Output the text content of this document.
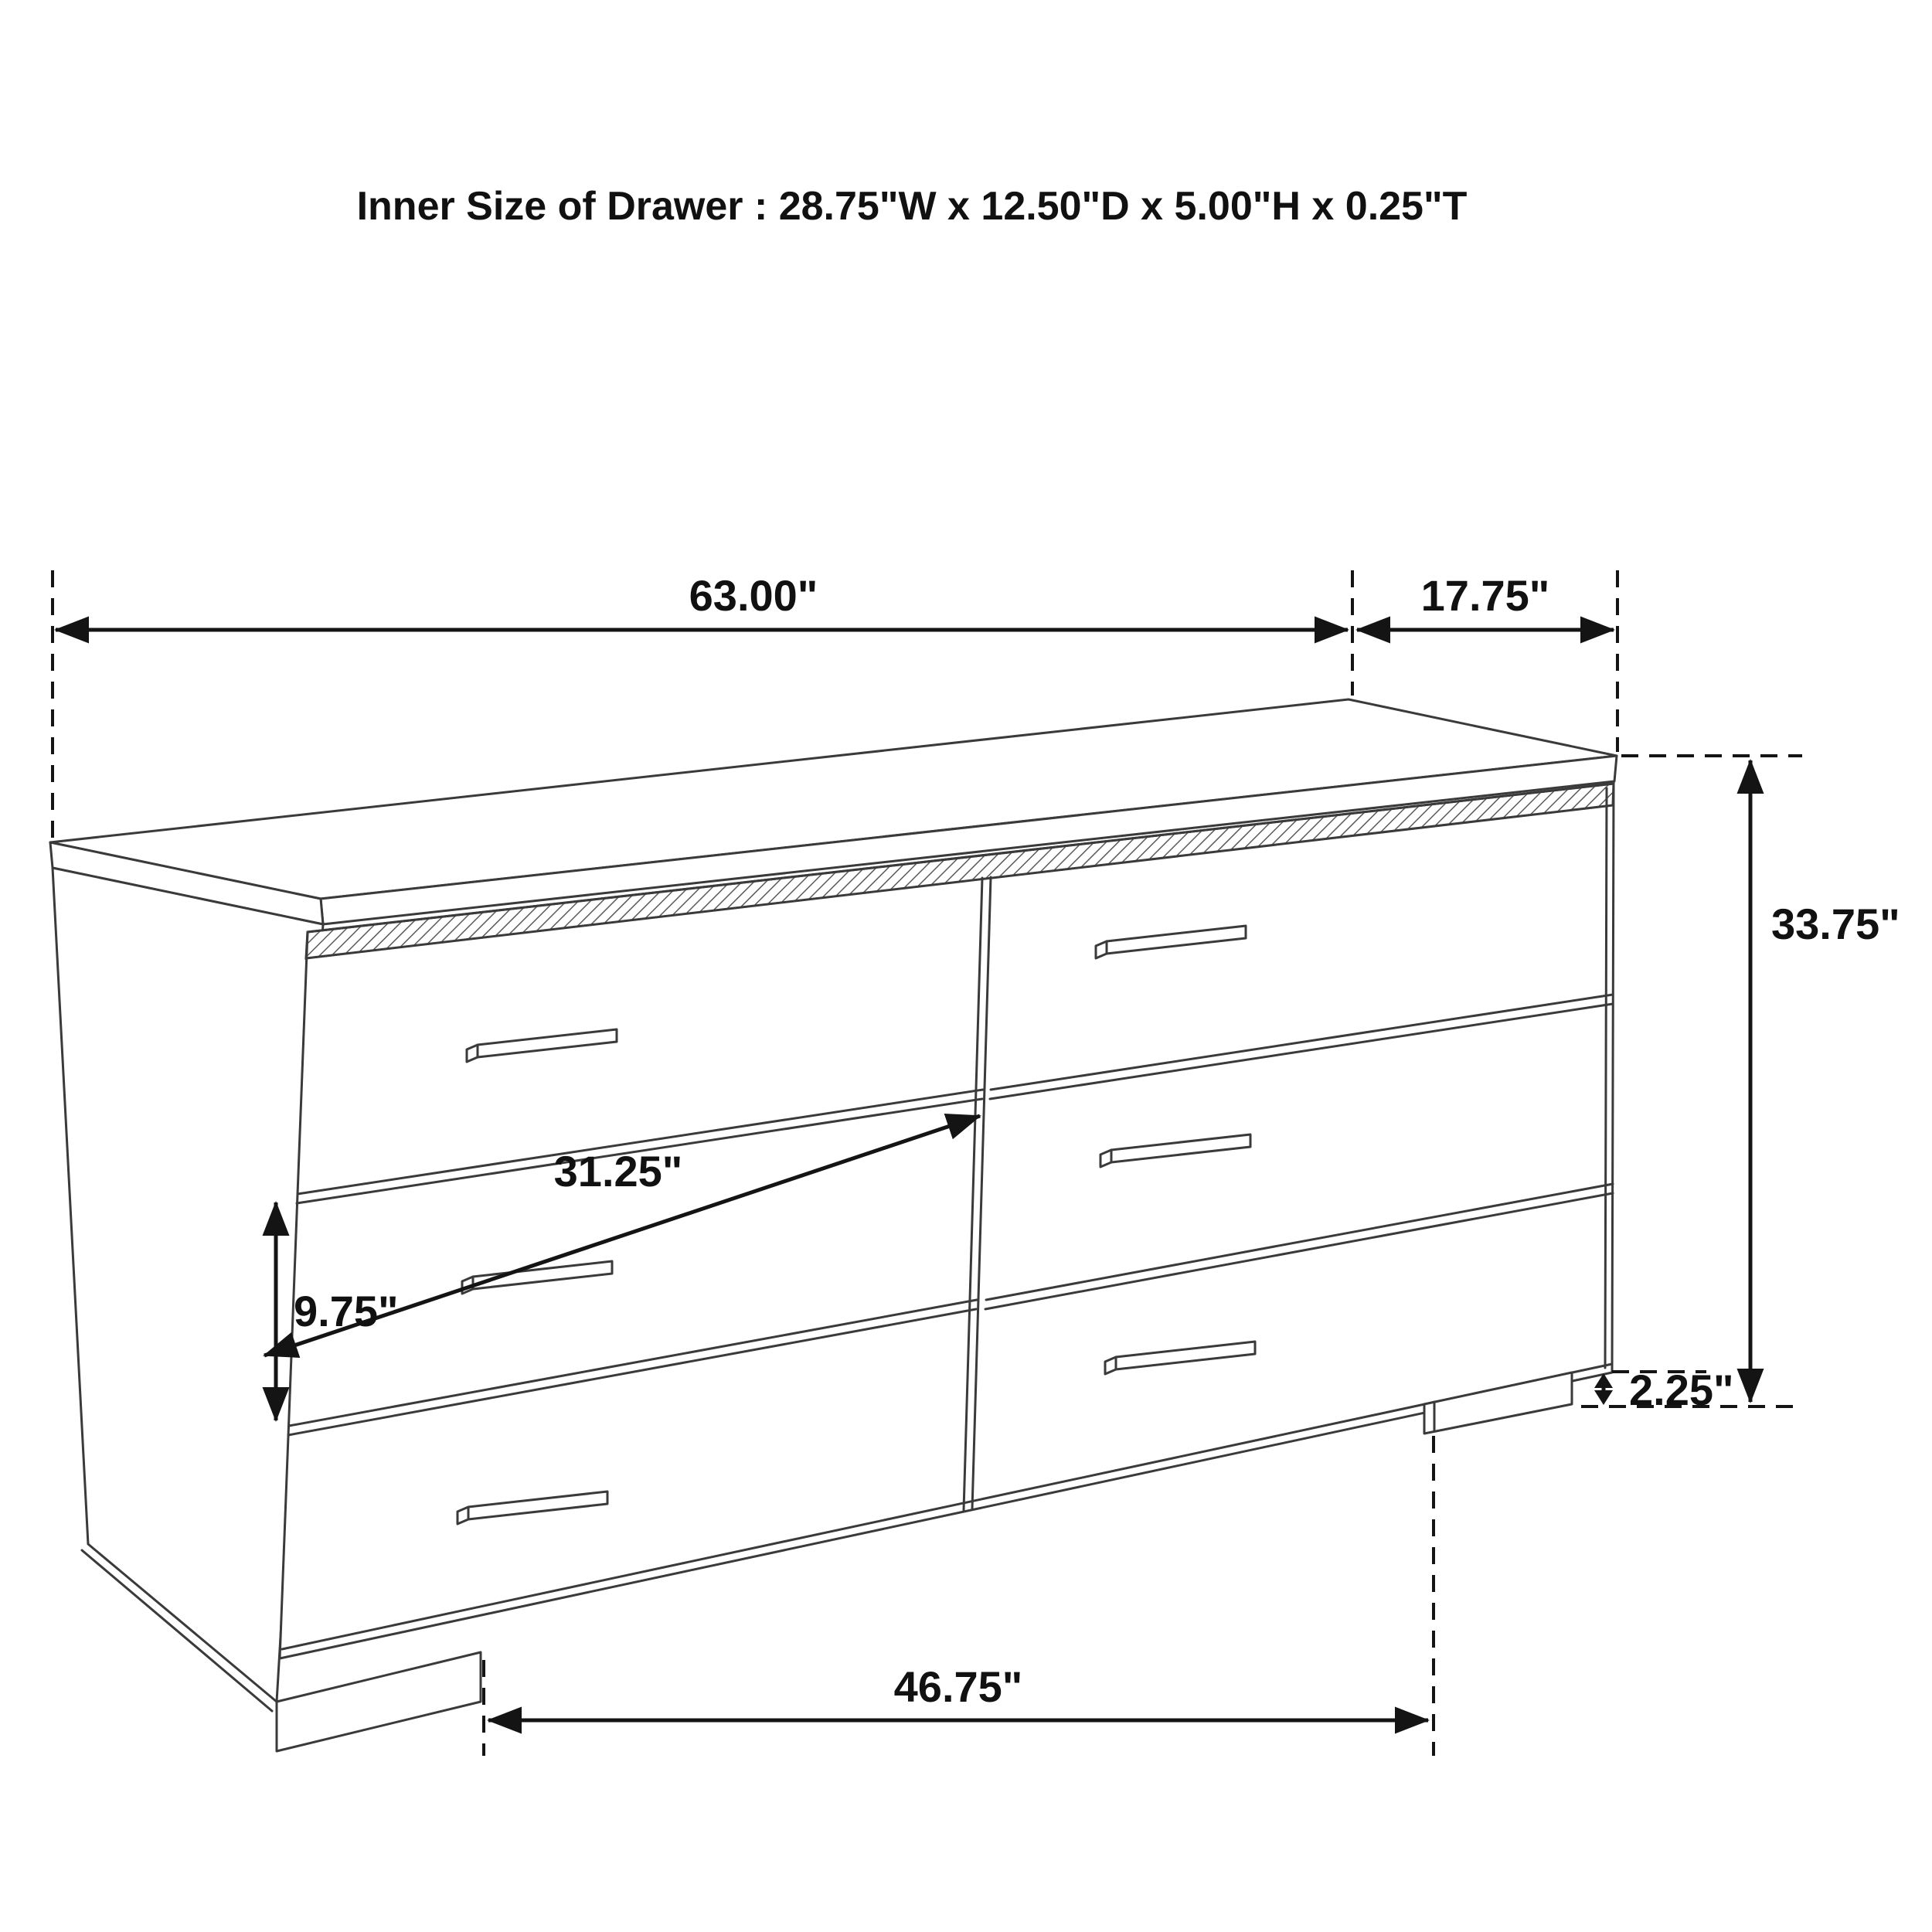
63.00"	17.75"
33.75"
31.25"
9.75"
2.25"
46.75"
Inner Size of Drawer : 28.75"W x 12.50"D x 5.00"H x 0.25"T
